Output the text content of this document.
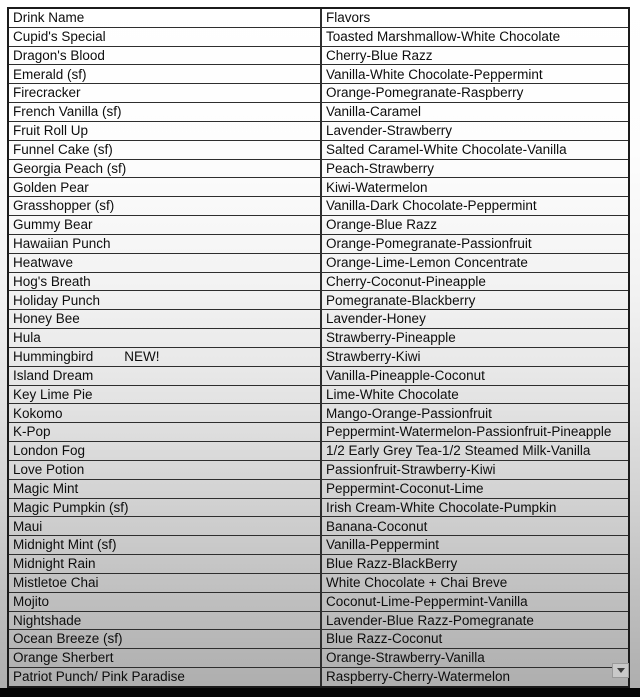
Drink Name	Flavors
Cupid's Special	Toasted Marshmallow-White Chocolate
Dragon's Blood	Cherry-Blue Razz
Emerald (sf)	Vanilla-White Chocolate-Peppermint
Firecracker	Orange-Pomegranate-Raspberry
French Vanilla (sf)	Vanilla-Caramel
Fruit Roll Up	Lavender-Strawberry
Funnel Cake (sf)	Salted Caramel-White Chocolate-Vanilla
Georgia Peach (sf)	Peach-Strawberry
Golden Pear	Kiwi-Watermelon
Grasshopper (sf)	Vanilla-Dark Chocolate-Peppermint
Gummy Bear	Orange-Blue Razz
Hawaiian Punch	Orange-Pomegranate-Passionfruit
Heatwave	Orange-Lime-Lemon Concentrate
Hog's Breath	Cherry-Coconut-Pineapple
Holiday Punch	Pomegranate-Blackberry
Honey Bee	Lavender-Honey
Hula	Strawberry-Pineapple
Hummingbird NEW!	Strawberry-Kiwi
Island Dream	Vanilla-Pineapple-Coconut
Key Lime Pie	Lime-White Chocolate
Kokomo	Mango-Orange-Passionfruit
K-Pop	Peppermint-Watermelon-Passionfruit-Pineapple
London Fog	1/2 Early Grey Tea-1/2 Steamed Milk-Vanilla
Love Potion	Passionfruit-Strawberry-Kiwi
Magic Mint	Peppermint-Coconut-Lime
Magic Pumpkin (sf)	Irish Cream-White Chocolate-Pumpkin
Maui	Banana-Coconut
Midnight Mint (sf)	Vanilla-Peppermint
Midnight Rain	Blue Razz-BlackBerry
Mistletoe Chai	White Chocolate + Chai Breve
Mojito	Coconut-Lime-Peppermint-Vanilla
Nightshade	Lavender-Blue Razz-Pomegranate
Ocean Breeze (sf)	Blue Razz-Coconut
Orange Sherbert	Orange-Strawberry-Vanilla
Patriot Punch/ Pink Paradise	Raspberry-Cherry-Watermelon
